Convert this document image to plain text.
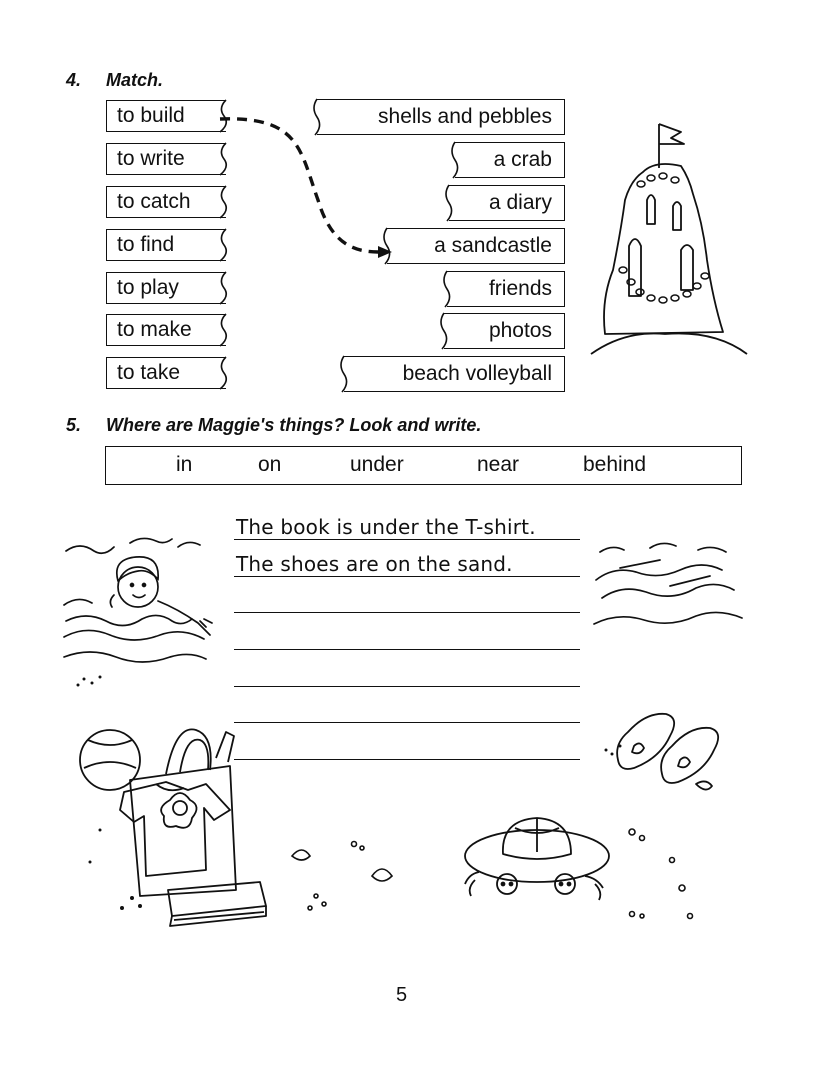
4. Match.
to build
to write
to catch
to find
to play
to make
to take
shells and pebbles
a crab
a diary
a sandcastle
friends
photos
beach volleyball
5. Where are Maggie's things? Look and write.
in	on	under	near	behind
The book is under the T-shirt.
The shoes are on the sand.
5
